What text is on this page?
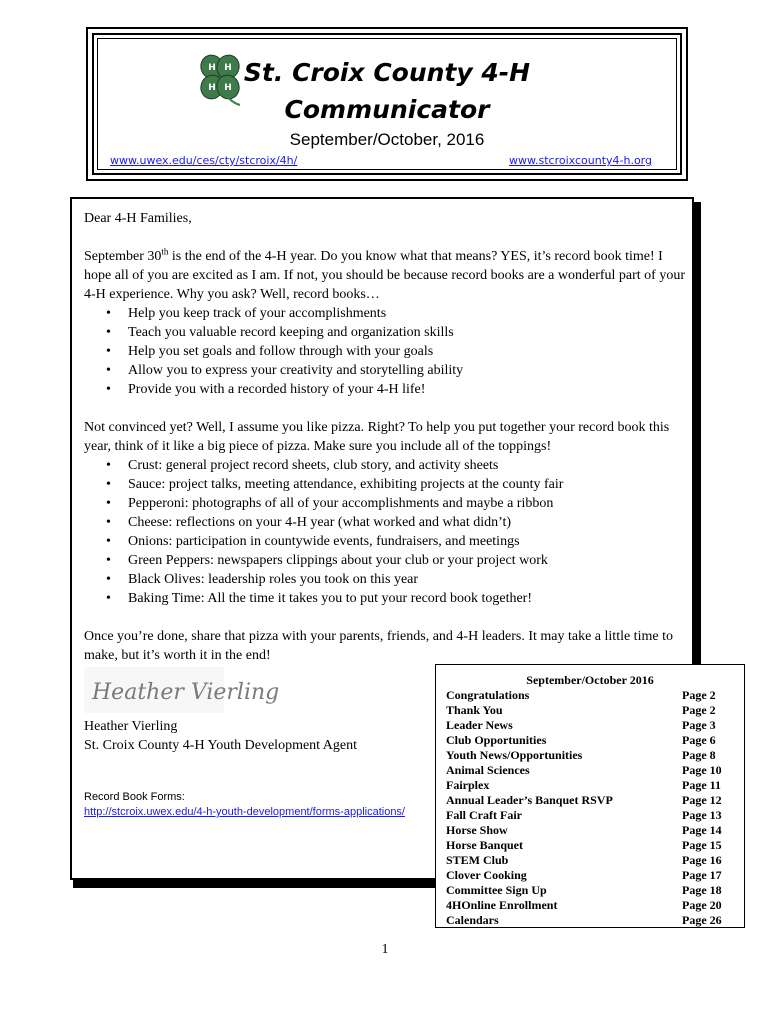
H H
H H
St. Croix County 4-H
Communicator
September/October, 2016
www.uwex.edu/ces/cty/stcroix/4h/	www.stcroixcounty4-h.org

Dear 4-H Families,

September 30th is the end of the 4-H year. Do you know what that means? YES, it’s record book time! I hope all of you are excited as I am. If not, you should be because record books are a wonderful part of your 4-H experience. Why you ask? Well, record books…

• Help you keep track of your accomplishments
• Teach you valuable record keeping and organization skills
• Help you set goals and follow through with your goals
• Allow you to express your creativity and storytelling ability
• Provide you with a recorded history of your 4-H life!

Not convinced yet? Well, I assume you like pizza. Right? To help you put together your record book this year, think of it like a big piece of pizza. Make sure you include all of the toppings!

• Crust: general project record sheets, club story, and activity sheets
• Sauce: project talks, meeting attendance, exhibiting projects at the county fair
• Pepperoni: photographs of all of your accomplishments and maybe a ribbon
• Cheese: reflections on your 4-H year (what worked and what didn’t)
• Onions: participation in countywide events, fundraisers, and meetings
• Green Peppers: newspapers clippings about your club or your project work
• Black Olives: leadership roles you took on this year
• Baking Time: All the time it takes you to put your record book together!

Once you’re done, share that pizza with your parents, friends, and 4-H leaders. It may take a little time to make, but it’s worth it in the end!

Heather Vierling
Heather Vierling
St. Croix County 4-H Youth Development Agent
Record Book Forms:
http://stcroix.uwex.edu/4-h-youth-development/forms-applications/
September/October 2016
Congratulations	Page 2
Thank You	Page 2
Leader News	Page 3
Club Opportunities	Page 6
Youth News/Opportunities	Page 8
Animal Sciences	Page 10
Fairplex	Page 11
Annual Leader’s Banquet RSVP	Page 12
Fall Craft Fair	Page 13
Horse Show	Page 14
Horse Banquet	Page 15
STEM Club	Page 16
Clover Cooking	Page 17
Committee Sign Up	Page 18
4HOnline Enrollment	Page 20
Calendars	Page 26
1
